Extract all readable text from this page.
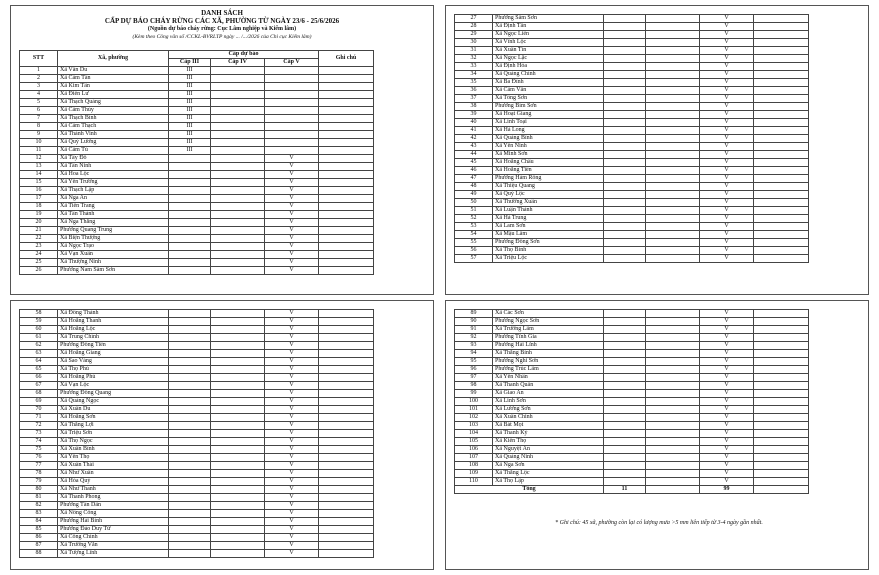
DANH SÁCH
CẤP DỰ BÁO CHÁY RỪNG CÁC XÃ, PHƯỜNG TỪ NGÀY 23/6 - 25/6/2026
(Nguồn dự báo cháy rừng: Cục Lâm nghiệp và Kiểm lâm)
(Kèm theo Công văn số /CCKL-BVRLTP ngày ... /.../2026 của Chi cục Kiểm lâm)
STT	Xã, phường	Cấp dự báo			Ghi chú
		Cấp III	Cấp IV	Cấp V	
1	Xã Vân Du	III			
2	Xã Cẩm Tân	III			
3	Xã Kim Tân	III			
4	Xã Điền Lư	III			
5	Xã Thạch Quảng	III			
6	Xã Cẩm Thủy	III			
7	Xã Thạch Bình	III			
8	Xã Cẩm Thạch	III			
9	Xã Thành Vinh	III			
10	Xã Quý Lương	III			
11	Xã Cẩm Tú	III			
12	Xã Tây Đô			V	
13	Xã Tân Ninh			V	
14	Xã Hoa Lộc			V	
15	Xã Yên Trường			V	
16	Xã Thạch Lập			V	
17	Xã Nga An			V	
18	Xã Tiến Trang			V	
19	Xã Tân Thành			V	
20	Xã Nga Thắng			V	
21	Phường Quang Trung			V	
22	Xã Biện Thượng			V	
23	Xã Ngọc Trạo			V	
24	Xã Vạn Xuân			V	
25	Xã Thượng Ninh			V	
26	Phường Nam Sầm Sơn			V	
27	Phường Sầm Sơn			V	
28	Xã Định Tân			V	
29	Xã Ngọc Liên			V	
30	Xã Vĩnh Lộc			V	
31	Xã Xuân Tín			V	
32	Xã Ngọc Lặc			V	
33	Xã Định Hòa			V	
34	Xã Quảng Chính			V	
35	Xã Ba Đình			V	
36	Xã Cẩm Vân			V	
37	Xã Tống Sơn			V	
38	Phường Bỉm Sơn			V	
39	Xã Hoạt Giang			V	
40	Xã Linh Toại			V	
41	Xã Hà Long			V	
42	Xã Quảng Bình			V	
43	Xã Yên Ninh			V	
44	Xã Minh Sơn			V	
45	Xã Hoằng Châu			V	
46	Xã Hoằng Tiến			V	
47	Phường Hàm Rồng			V	
48	Xã Thiệu Quang			V	
49	Xã Quý Lộc			V	
50	Xã Thường Xuân			V	
51	Xã Luận Thành			V	
52	Xã Hà Trung			V	
53	Xã Lam Sơn			V	
54	Xã Mậu Lâm			V	
55	Phường Đông Sơn			V	
56	Xã Thọ Bình			V	
57	Xã Triệu Lộc			V	
58	Xã Đồng Thành			V	
59	Xã Hoằng Thanh			V	
60	Xã Hoằng Lộc			V	
61	Xã Trung Chính			V	
62	Phường Đông Tiến			V	
63	Xã Hoằng Giang			V	
64	Xã Sao Vàng			V	
65	Xã Thọ Phú			V	
66	Xã Hoằng Phú			V	
67	Xã Vạn Lộc			V	
68	Phường Đông Quang			V	
69	Xã Quảng Ngọc			V	
70	Xã Xuân Du			V	
71	Xã Hoằng Sơn			V	
72	Xã Thắng Lợi			V	
73	Xã Triệu Sơn			V	
74	Xã Thọ Ngọc			V	
75	Xã Xuân Bình			V	
76	Xã Yên Thọ			V	
77	Xã Xuân Thái			V	
78	Xã Như Xuân			V	
79	Xã Hóa Quỳ			V	
80	Xã Như Thanh			V	
81	Xã Thanh Phong			V	
82	Phường Tân Dân			V	
83	Xã Nông Cống			V	
84	Phường Hải Bình			V	
85	Phường Đào Duy Từ			V	
86	Xã Công Chính			V	
87	Xã Trường Văn			V	
88	Xã Tượng Lĩnh			V	
89	Xã Các Sơn			V	
90	Phường Ngọc Sơn			V	
91	Xã Trường Lâm			V	
92	Phường Tĩnh Gia			V	
93	Phường Hải Lĩnh			V	
94	Xã Thắng Bình			V	
95	Phường Nghi Sơn			V	
96	Phường Trúc Lâm			V	
97	Xã Yên Nhân			V	
98	Xã Thanh Quân			V	
99	Xã Giao An			V	
100	Xã Linh Sơn			V	
101	Xã Lương Sơn			V	
102	Xã Xuân Chinh			V	
103	Xã Bát Mọt			V	
104	Xã Thanh Kỳ			V	
105	Xã Kiên Thọ			V	
106	Xã Nguyệt Ấn			V	
107	Xã Quảng Ninh			V	
108	Xã Nga Sơn			V	
109	Xã Thắng Lộc			V	
110	Xã Thọ Lập			V	
Tổng		11		99	
* Ghi chú: 45 xã, phường còn lại có lượng mưa >5 mm liên tiếp từ 3-4 ngày gần nhất.
